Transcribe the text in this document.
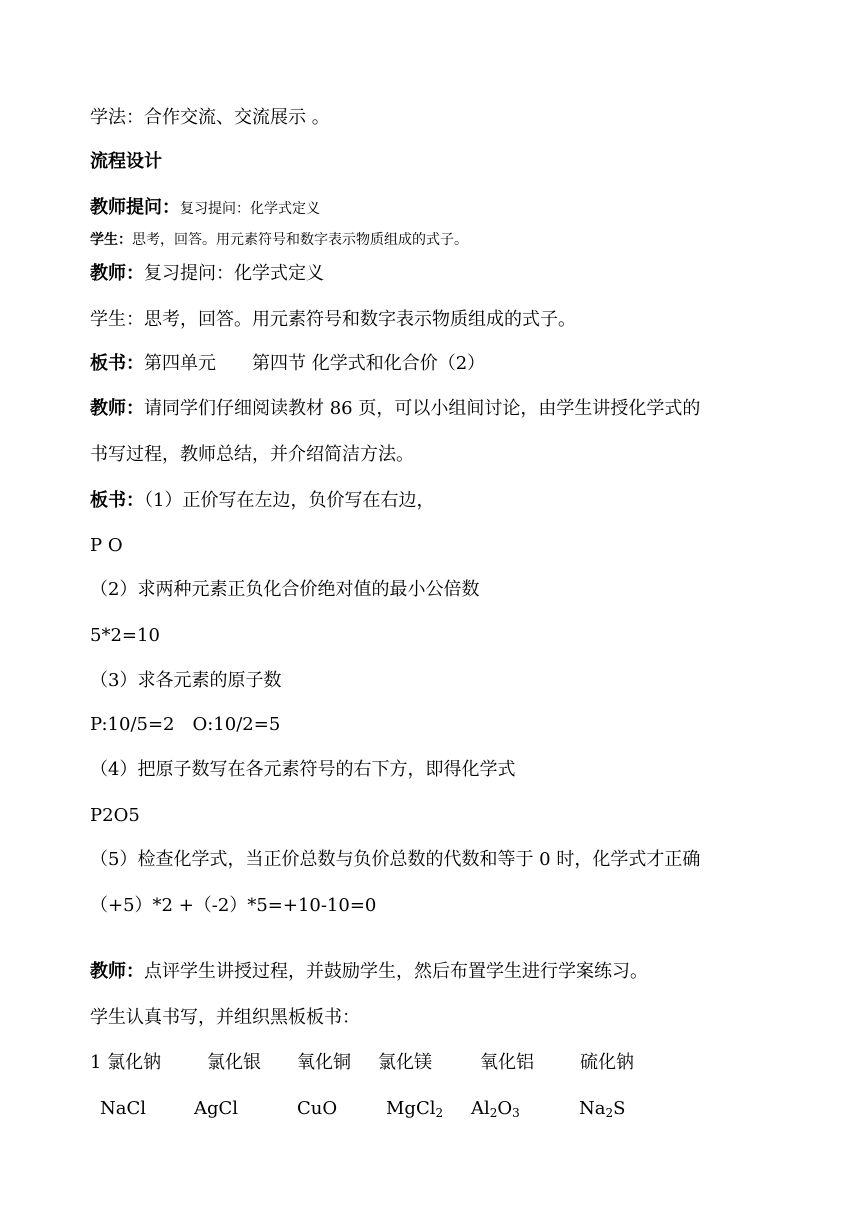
学法：合作交流、交流展示 。
流程设计
教师提问：复习提问：化学式定义
学生：思考，回答。用元素符号和数字表示物质组成的式子。
教师：复习提问：化学式定义
学生：思考，回答。用元素符号和数字表示物质组成的式子。
板书：第四单元　　第四节 化学式和化合价（2）
教师：请同学们仔细阅读教材 86 页，可以小组间讨论，由学生讲授化学式的
书写过程，教师总结，并介绍简洁方法。
板书：（1）正价写在左边，负价写在右边，
P O
（2）求两种元素正负化合价绝对值的最小公倍数
5*2=10
（3）求各元素的原子数
P:10/5=2　O:10/2=5
（4）把原子数写在各元素符号的右下方，即得化学式
P2O5
（5）检查化学式，当正价总数与负价总数的代数和等于 0 时，化学式才正确
（+5）*2 +（-2）*5=+10-10=0
教师：点评学生讲授过程，并鼓励学生，然后布置学生进行学案练习。
学生认真书写，并组织黑板板书：
1 氯化钠	氯化银 氧化铜 氯化镁	氧化铝	硫化钠
NaCl	AgCl	CuO	MgCl$_2$ $Al_2O_3$	$Na_2S$
